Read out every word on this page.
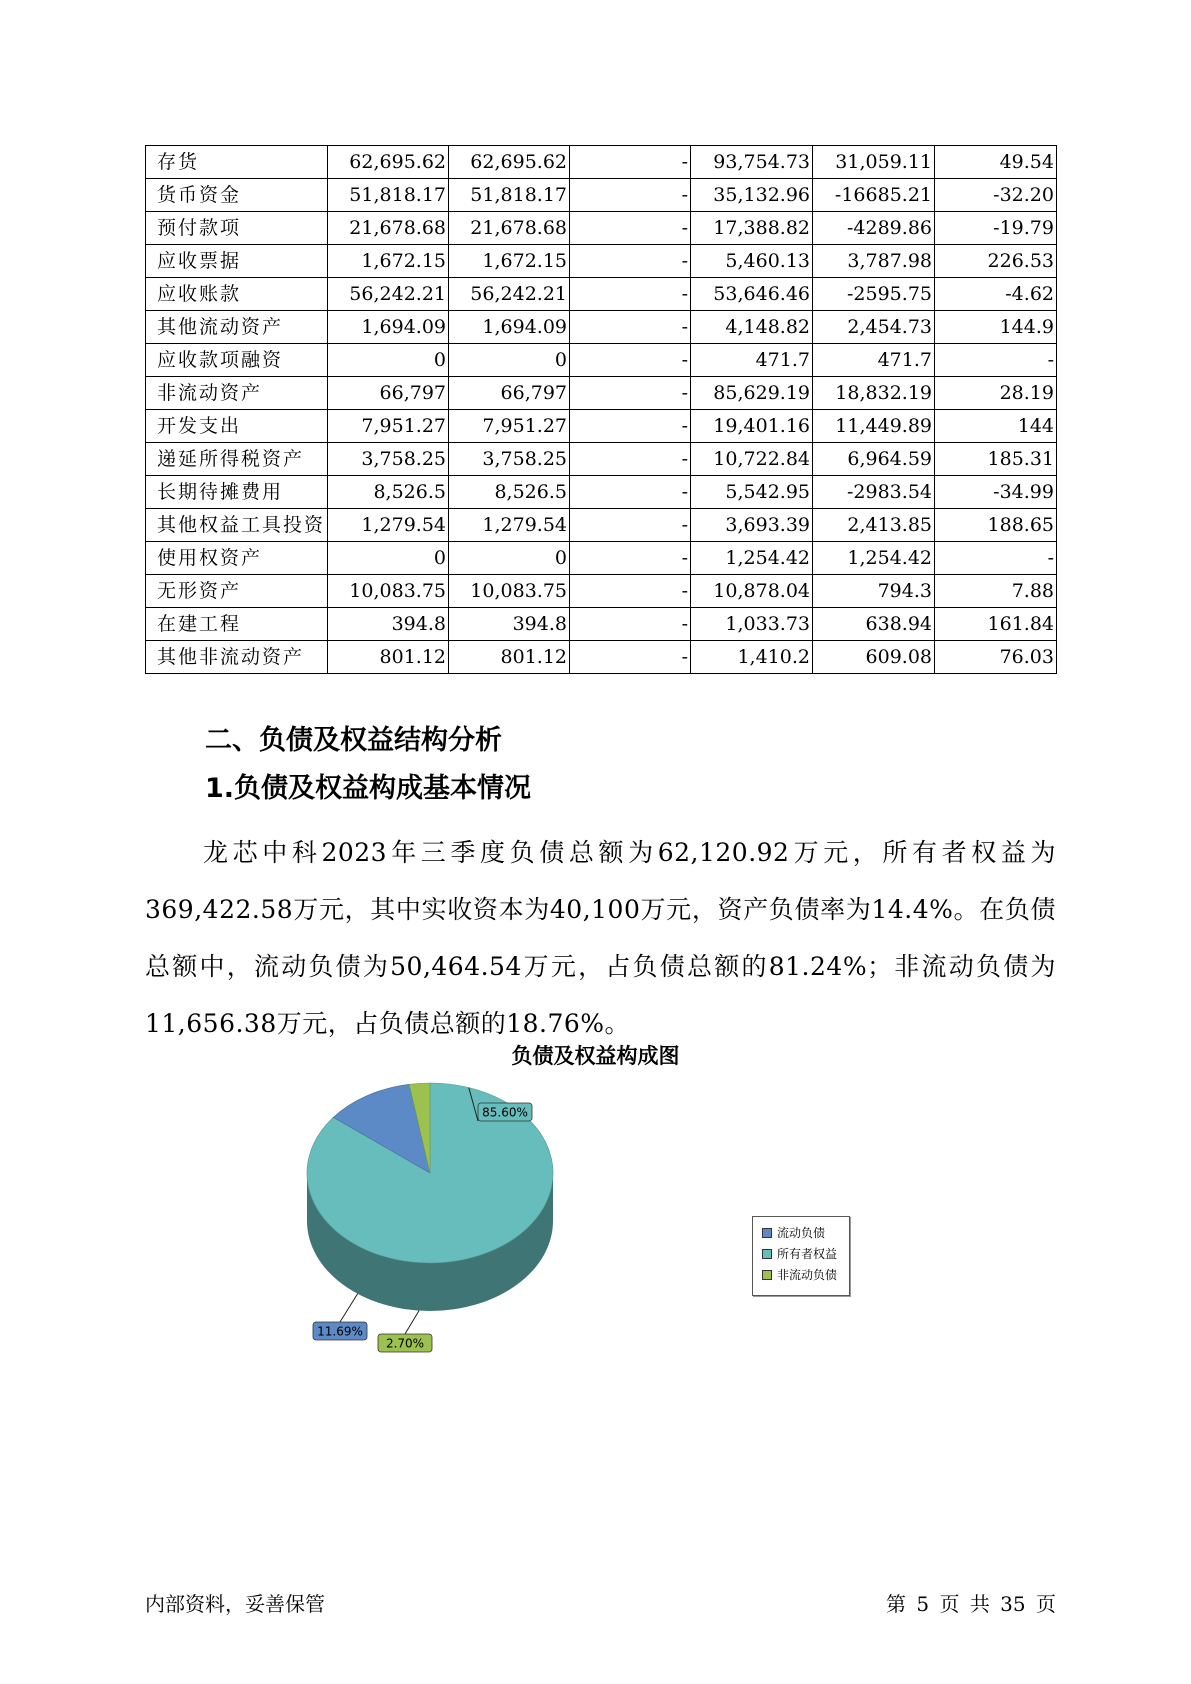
存货	62,695.62	62,695.62	-	93,754.73	31,059.11	49.54
货币资金	51,818.17	51,818.17	-	35,132.96	-16685.21	-32.20
预付款项	21,678.68	21,678.68	-	17,388.82	-4289.86	-19.79
应收票据	1,672.15	1,672.15	-	5,460.13	3,787.98	226.53
应收账款	56,242.21	56,242.21	-	53,646.46	-2595.75	-4.62
其他流动资产	1,694.09	1,694.09	-	4,148.82	2,454.73	144.9
应收款项融资	0	0	-	471.7	471.7	-
非流动资产	66,797	66,797	-	85,629.19	18,832.19	28.19
开发支出	7,951.27	7,951.27	-	19,401.16	11,449.89	144
递延所得税资产	3,758.25	3,758.25	-	10,722.84	6,964.59	185.31
长期待摊费用	8,526.5	8,526.5	-	5,542.95	-2983.54	-34.99
其他权益工具投资	1,279.54	1,279.54	-	3,693.39	2,413.85	188.65
使用权资产	0	0	-	1,254.42	1,254.42	-
无形资产	10,083.75	10,083.75	-	10,878.04	794.3	7.88
在建工程	394.8	394.8	-	1,033.73	638.94	161.84
其他非流动资产	801.12	801.12	-	1,410.2	609.08	76.03
二、负债及权益结构分析
1.负债及权益构成基本情况

龙芯中科2023年三季度负债总额为62,120.92万元，所有者权益为369,422.58万元，其中实收资本为40,100万元，资产负债率为14.4%。在负债总额中，流动负债为50,464.54万元，占负债总额的81.24%；非流动负债为11,656.38万元，占负债总额的18.76%。

负债及权益构成图
85.60%
11.69%
2.70%
流动负债
所有者权益
非流动负债
内部资料，妥善保管	第 5 页 共 35 页
